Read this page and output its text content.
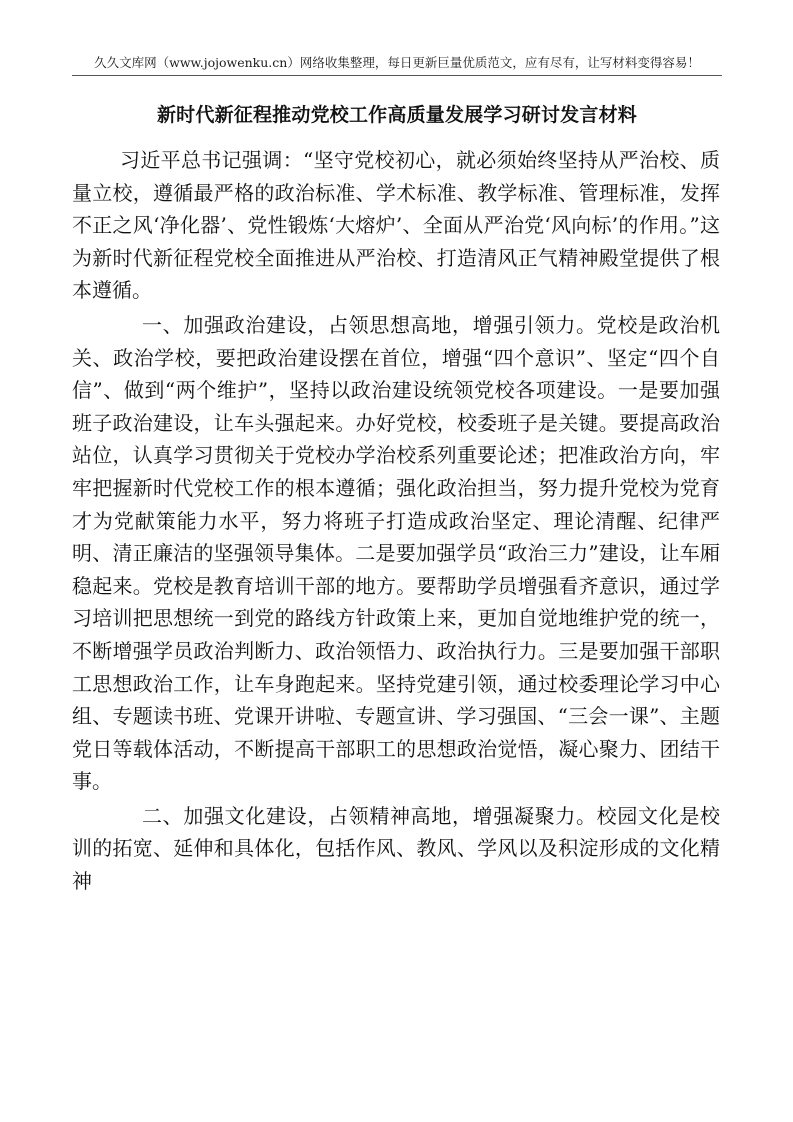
久久文库网（www.jojowenku.cn）网络收集整理，每日更新巨量优质范文，应有尽有，让写材料变得容易！
新时代新征程推动党校工作高质量发展学习研讨发言材料

习近平总书记强调：“坚守党校初心，就必须始终坚持从严治校、质量立校，遵循最严格的政治标准、学术标准、教学标准、管理标准，发挥不正之风‘净化器’、党性锻炼‘大熔炉’、全面从严治党‘风向标’的作用。”这为新时代新征程党校全面推进从严治校、打造清风正气精神殿堂提供了根本遵循。

一、加强政治建设，占领思想高地，增强引领力。党校是政治机关、政治学校，要把政治建设摆在首位，增强“四个意识”、坚定“四个自信”、做到“两个维护”，坚持以政治建设统领党校各项建设。一是要加强班子政治建设，让车头强起来。办好党校，校委班子是关键。要提高政治站位，认真学习贯彻关于党校办学治校系列重要论述；把准政治方向，牢牢把握新时代党校工作的根本遵循；强化政治担当，努力提升党校为党育才为党献策能力水平，努力将班子打造成政治坚定、理论清醒、纪律严明、清正廉洁的坚强领导集体。二是要加强学员“政治三力”建设，让车厢稳起来。党校是教育培训干部的地方。要帮助学员增强看齐意识，通过学习培训把思想统一到党的路线方针政策上来，更加自觉地维护党的统一，不断增强学员政治判断力、政治领悟力、政治执行力。三是要加强干部职工思想政治工作，让车身跑起来。坚持党建引领，通过校委理论学习中心组、专题读书班、党课开讲啦、专题宣讲、学习强国、“三会一课”、主题党日等载体活动，不断提高干部职工的思想政治觉悟，凝心聚力、团结干事。

二、加强文化建设，占领精神高地，增强凝聚力。校园文化是校训的拓宽、延伸和具体化，包括作风、教风、学风以及积淀形成的文化精神
